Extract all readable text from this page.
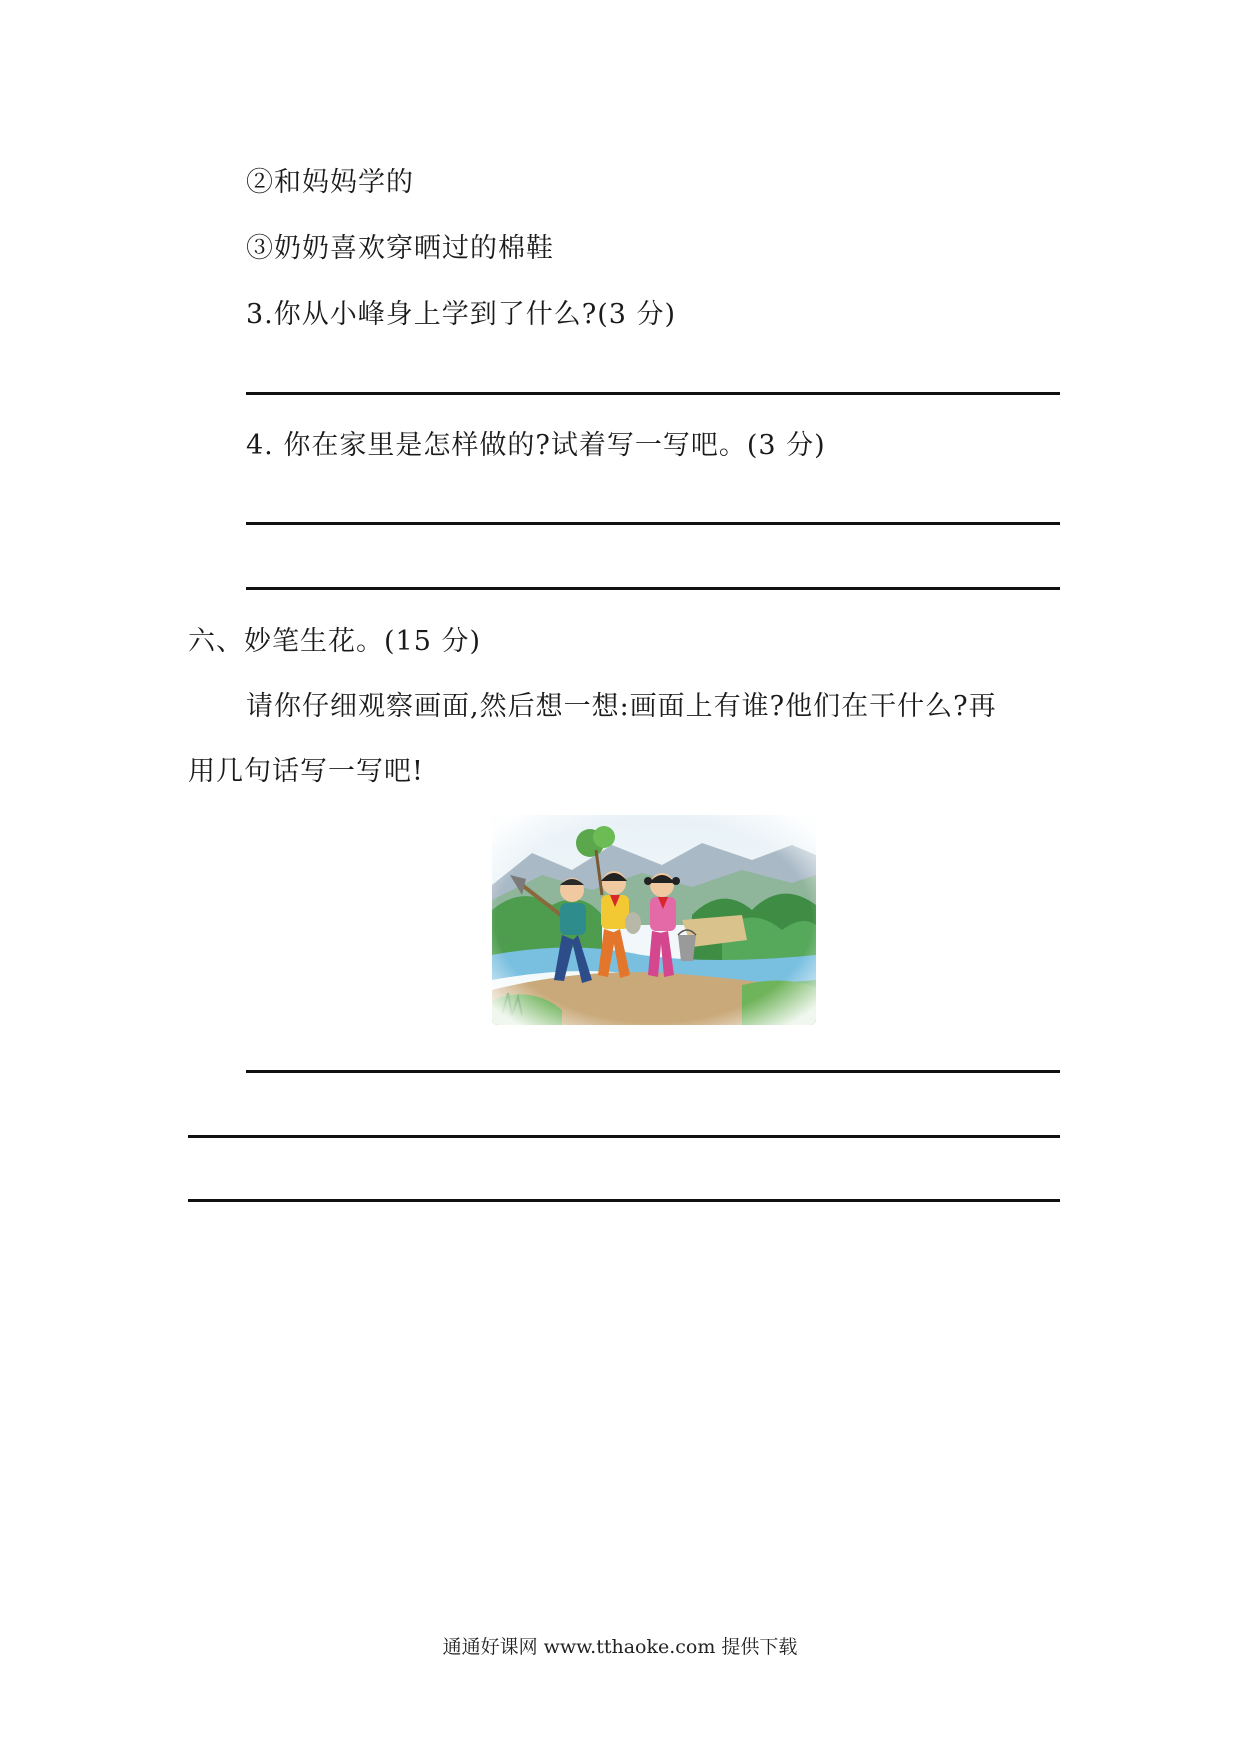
②和妈妈学的
③奶奶喜欢穿晒过的棉鞋
3.你从小峰身上学到了什么?(3 分)
4. 你在家里是怎样做的?试着写一写吧。(3 分)
六、妙笔生花。(15 分)
请你仔细观察画面,然后想一想:画面上有谁?他们在干什么?再
用几句话写一写吧!
通通好课网 www.tthaoke.com 提供下载
